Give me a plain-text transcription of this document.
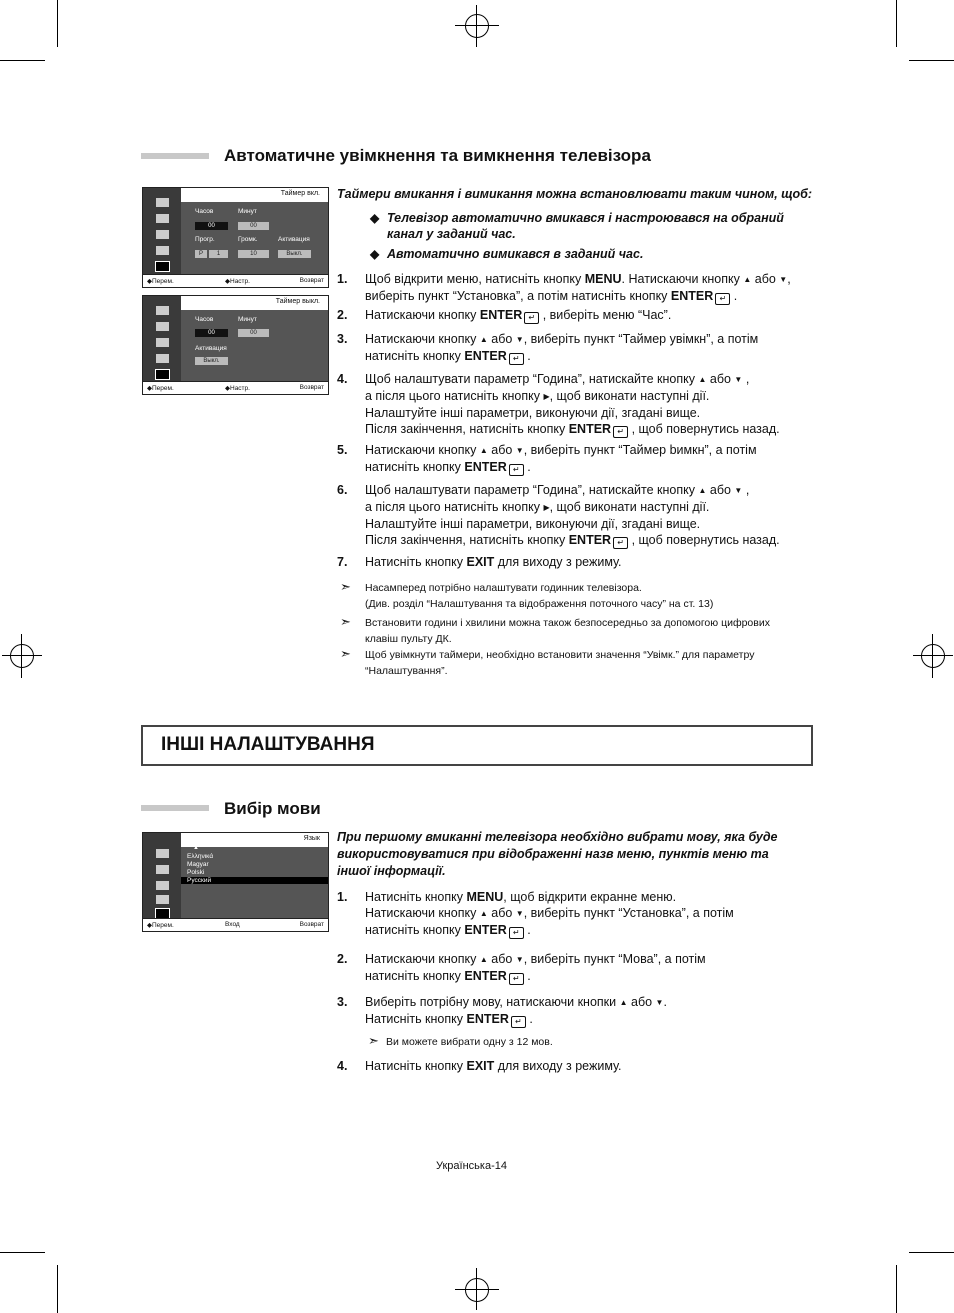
Автоматичне увімкнення та вимкнення телевізора
Таймер вкл.
Часов	Минут
00	00
Прогр.	Громк.	Активация
P	1	10	Выкл.
◆Перем.	◆Настр.	Возврат
Таймер выкл.
Часов	Минут
00	00
Активация
Выкл.
◆Перем.	◆Настр.	Возврат
Таймери вмикання і вимикання можна встановлювати таким чином, щоб:
◆ Телевізор автоматично вмикався і настроювався на обраний канал у заданий час.
◆ Автоматично вимикався в заданий час.
1. Щоб відкрити меню, натисніть кнопку MENU. Натискаючи кнопку ▲ або ▼,
виберіть пункт “Установка”, а потім натисніть кнопку ENTER ↵ .
2. Натискаючи кнопку ENTER ↵ , виберіть меню “Час”.
3. Натискаючи кнопку ▲ або ▼, виберіть пункт “Таймер увімкн”, а потім
натисніть кнопку ENTER ↵ .
4. Щоб налаштувати параметр “Година”, натискайте кнопку ▲ або ▼ ,
а після цього натисніть кнопку ▶, щоб виконати наступні дії.
Налаштуйте інші параметри, виконуючи дії, згадані вище.
Після закінчення, натисніть кнопку ENTER ↵ , щоб повернутись назад.
5. Натискаючи кнопку ▲ або ▼, виберіть пункт “Таймер bимкн”, а потім
натисніть кнопку ENTER ↵ .
6. Щоб налаштувати параметр “Година”, натискайте кнопку ▲ або ▼ ,
а після цього натисніть кнопку ▶, щоб виконати наступні дії.
Налаштуйте інші параметри, виконуючи дії, згадані вище.
Після закінчення, натисніть кнопку ENTER ↵ , щоб повернутись назад.
7. Натисніть кнопку EXIT для виходу з режиму.
➣ Насамперед потрібно налаштувати годинник телевізора.
(Див. розділ “Налаштування та відображення поточного часу” на ст. 13)
➣ Встановити години і хвилини можна також безпосередньо за допомогою цифрових
клавіш пульту ДК.
➣ Щоб увімкнути таймери, необхідно встановити значення “Увімк.” для параметру
“Налаштування”.
ІНШІ НАЛАШТУВАННЯ
Вибір мови
Язык
▲
Ελληνικά
Magyar
Polski
Русский
◆Перем.	Вход	Возврат
При першому вмиканні телевізора необхідно вибрати мову, яка буде
використовуватися при відображенні назв меню, пунктів меню та
іншої інформації.
1. Натисніть кнопку MENU, щоб відкрити екранне меню.
Натискаючи кнопку ▲ або ▼, виберіть пункт “Установка”, а потім
натисніть кнопку ENTER ↵ .
2. Натискаючи кнопку ▲ або ▼, виберіть пункт “Мова”, а потім
натисніть кнопку ENTER ↵ .
3. Виберіть потрібну мову, натискаючи кнопки ▲ або ▼.
Натисніть кнопку ENTER ↵ .
4. Натисніть кнопку EXIT для виходу з режиму.
➣ Ви можете вибрати одну з 12 мов.
Українська-14
